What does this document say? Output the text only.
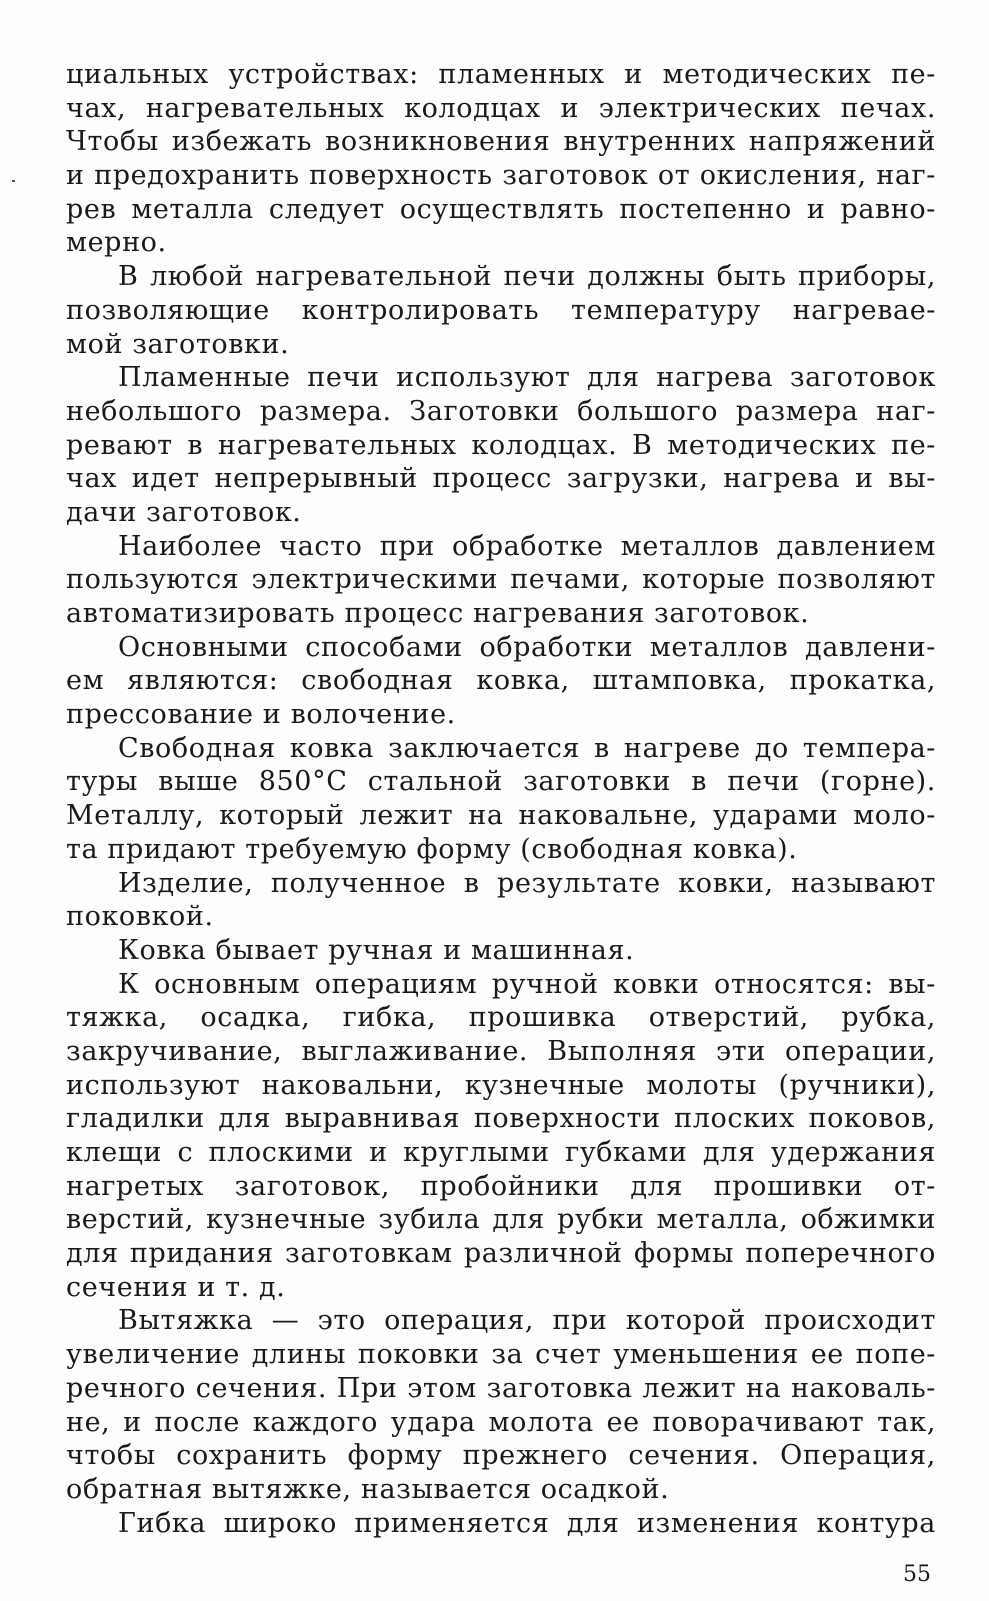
циальных устройствах: пламенных и методических пе-
чах, нагревательных колодцах и электрических печах.
Чтобы избежать возникновения внутренних напряжений
и предохранить поверхность заготовок от окисления, наг-
рев металла следует осуществлять постепенно и равно-
мерно.
В любой нагревательной печи должны быть приборы,
позволяющие контролировать температуру нагревае-
мой заготовки.
Пламенные печи используют для нагрева заготовок
небольшого размера. Заготовки большого размера наг-
ревают в нагревательных колодцах. В методических пе-
чах идет непрерывный процесс загрузки, нагрева и вы-
дачи заготовок.
Наиболее часто при обработке металлов давлением
пользуются электрическими печами, которые позволяют
автоматизировать процесс нагревания заготовок.
Основными способами обработки металлов давлени-
ем являются: свободная ковка, штамповка, прокатка,
прессование и волочение.
Свободная ковка заключается в нагреве до темпера-
туры выше 850°С стальной заготовки в печи (горне).
Металлу, который лежит на наковальне, ударами моло-
та придают требуемую форму (свободная ковка).
Изделие, полученное в результате ковки, называют
поковкой.
Ковка бывает ручная и машинная.
К основным операциям ручной ковки относятся: вы-
тяжка, осадка, гибка, прошивка отверстий, рубка,
закручивание, выглаживание. Выполняя эти операции,
используют наковальни, кузнечные молоты (ручники),
гладилки для выравнивая поверхности плоских поковов,
клещи с плоскими и круглыми губками для удержания
нагретых заготовок, пробойники для прошивки от-
верстий, кузнечные зубила для рубки металла, обжимки
для придания заготовкам различной формы поперечного
сечения и т. д.
Вытяжка — это операция, при которой происходит
увеличение длины поковки за счет уменьшения ее попе-
речного сечения. При этом заготовка лежит на наковаль-
не, и после каждого удара молота ее поворачивают так,
чтобы сохранить форму прежнего сечения. Операция,
обратная вытяжке, называется осадкой.
Гибка широко применяется для изменения контура
55
